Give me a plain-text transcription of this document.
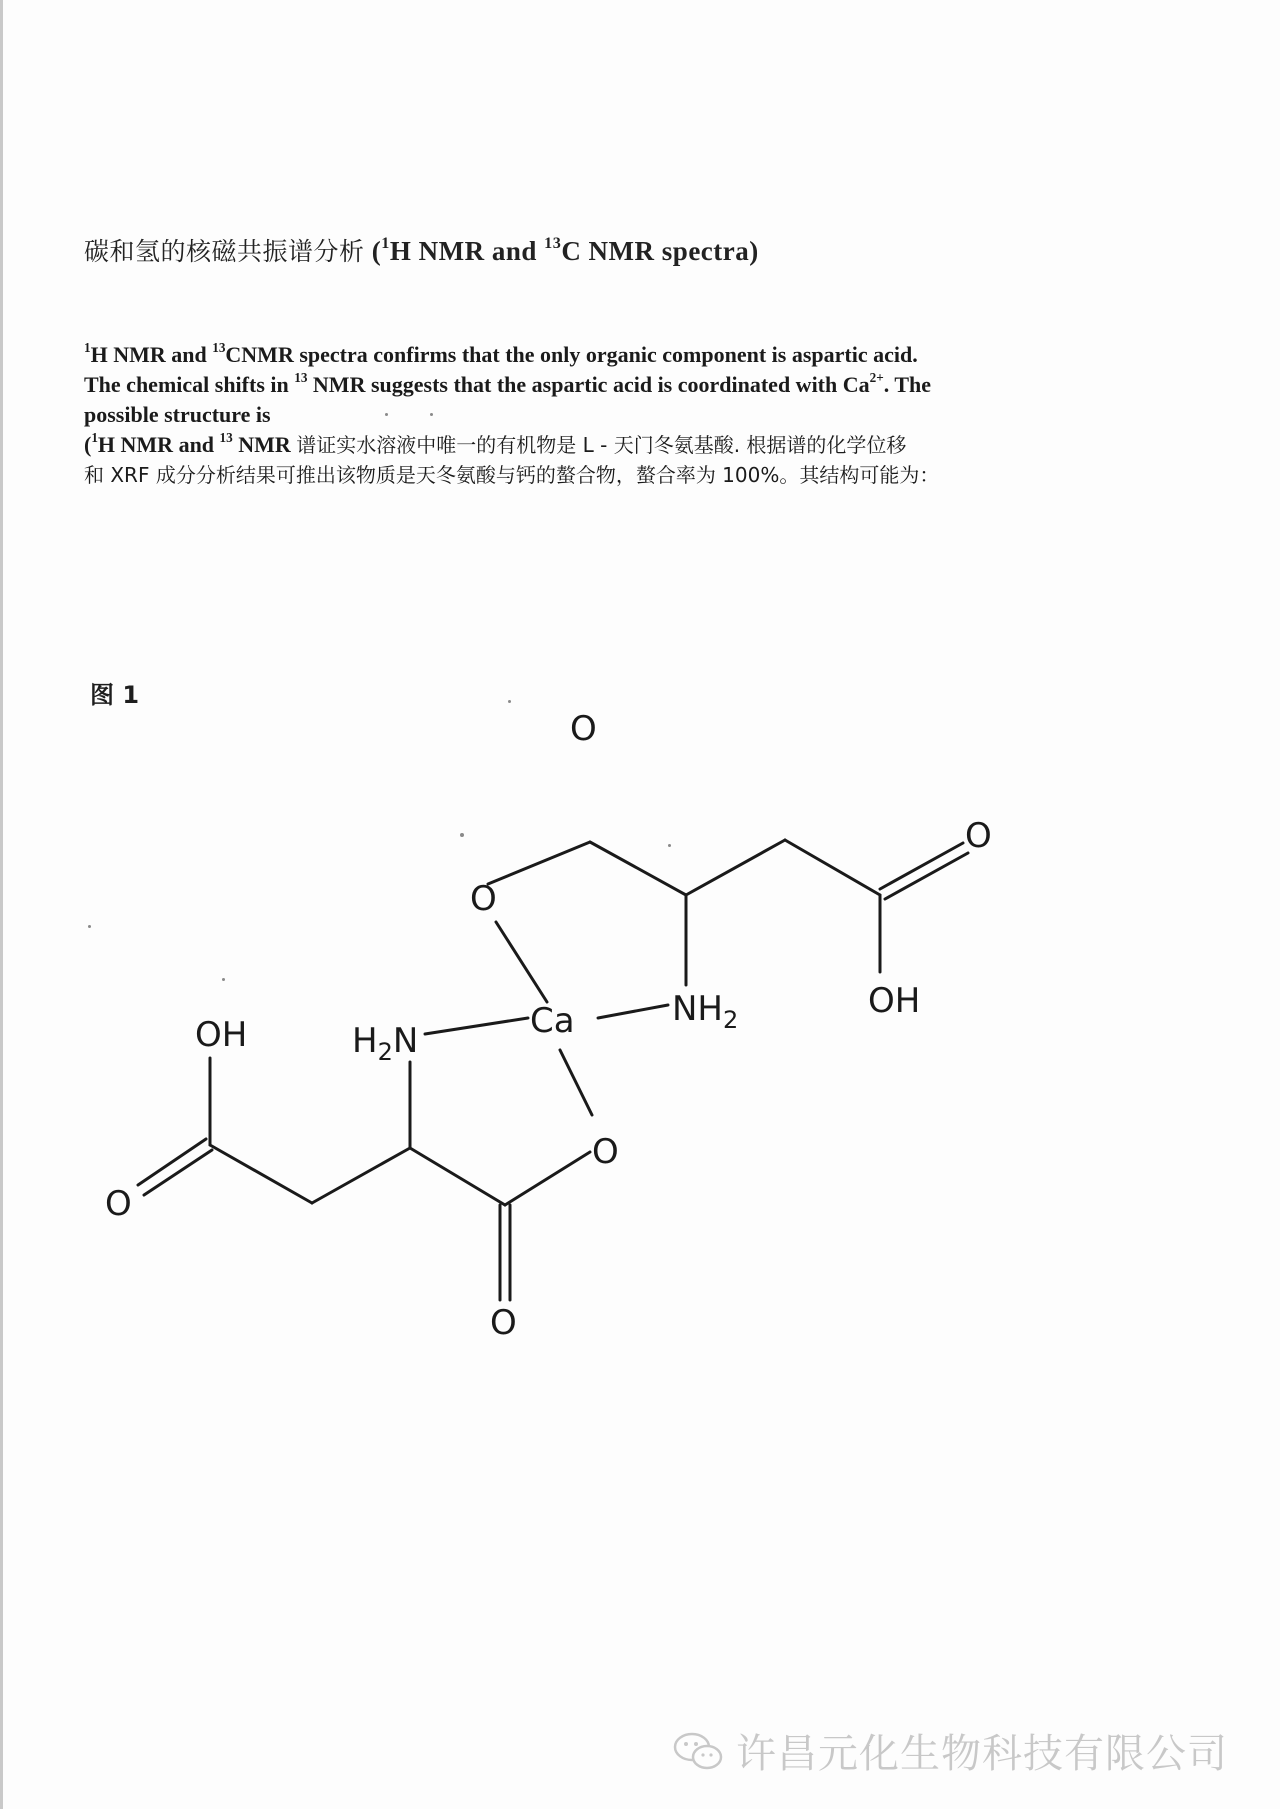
碳和氢的核磁共振谱分析 ($^1$H NMR and $^{13}$C NMR spectra)
$^1$H NMR and $^{13}$CNMR spectra confirms that the only organic component is aspartic acid.
The chemical shifts in $^{13}$ NMR suggests that the aspartic acid is coordinated with $Ca^{2+}$. The
possible structure is
($^1$H NMR and $^{13}$ NMR 谱证实水溶液中唯一的有机物是 L - 天门冬氨基酸. 根据谱的化学位移
和 XRF 成分分析结果可推出该物质是天冬氨酸与钙的螯合物，螯合率为 100%。其结构可能为：
图 1
O
O
O
$NH_2$	OH
Ca
$H_2N$
OH
O
O
O
许昌元化生物科技有限公司
